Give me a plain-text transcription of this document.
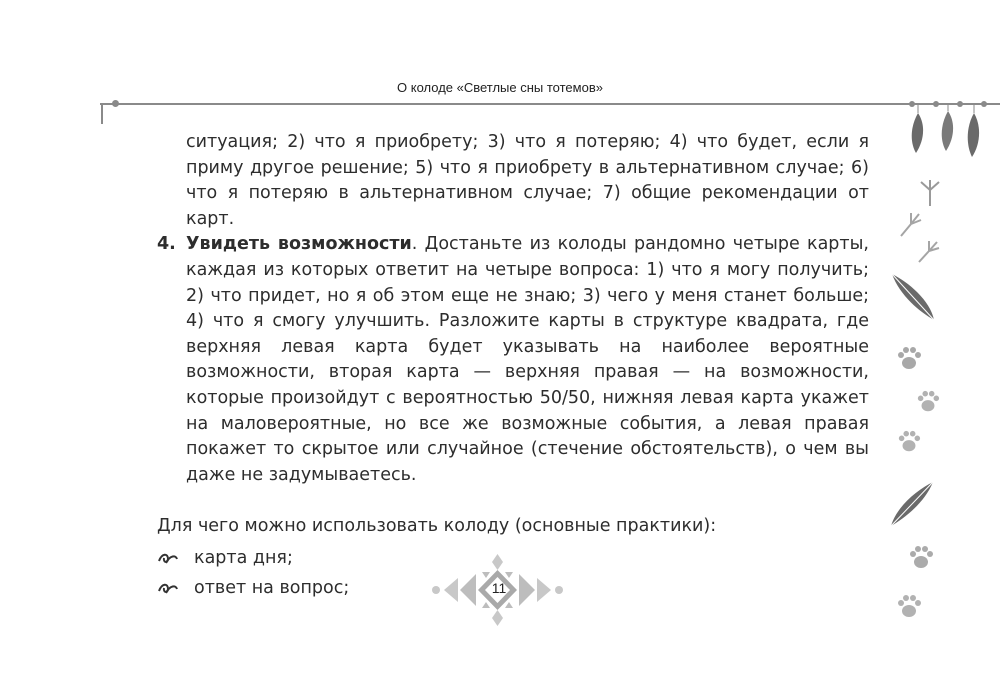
О колоде «Светлые сны тотемов»
ситуация; 2) что я приобрету; 3) что я потеряю; 4) что будет, если я приму другое решение; 5) что я приобрету в альтернативном случае; 6) что я потеряю в альтернативном случае; 7) общие рекомендации от карт.
4. Увидеть возможности. Достаньте из колоды рандомно четыре карты, каждая из которых ответит на четыре вопроса: 1) что я могу получить; 2) что придет, но я об этом еще не знаю; 3) чего у меня станет больше; 4) что я смогу улучшить. Разложите карты в структуре квадрата, где верхняя левая карта будет указывать на наиболее вероятные возможности, вторая карта — верхняя правая — на возможности, которые произойдут с вероятностью 50/50, нижняя левая карта укажет на маловероятные, но все же возможные события, а левая правая покажет то скрытое или случайное (стечение обстоятельств), о чем вы даже не задумываетесь.
Для чего можно использовать колоду (основные практики):
карта дня;
ответ на вопрос;	11
